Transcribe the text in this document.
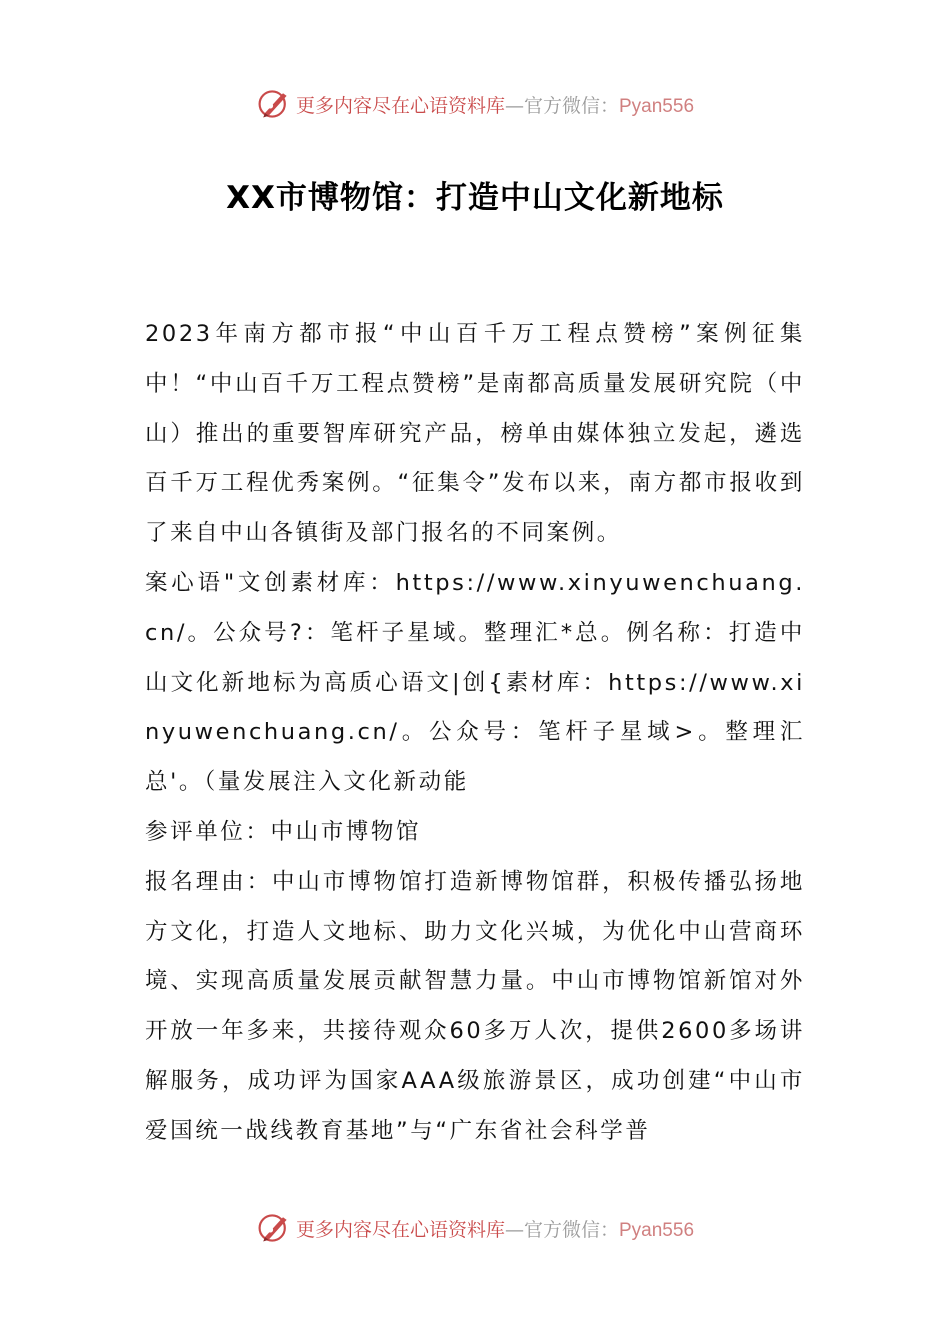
更多内容尽在心语资料库—官方微信：Pyan556
XX市博物馆：打造中山文化新地标

2023年南方都市报“中山百千万工程点赞榜”案例征集中！“中山百千万工程点赞榜”是南都高质量发展研究院（中山）推出的重要智库研究产品，榜单由媒体独立发起，遴选百千万工程优秀案例。“征集令”发布以来，南方都市报收到了来自中山各镇街及部门报名的不同案例。

案心语"文创素材库：https://www.xinyuwenchuang.cn/。公众号?：笔杆子星域。整理汇*总。例名称：打造中山文化新地标为高质心语文|创{素材库：https://www.xinyuwenchuang.cn/。公众号：笔杆子星域>。整理汇总'。（量发展注入文化新动能

参评单位：中山市博物馆

报名理由：中山市博物馆打造新博物馆群，积极传播弘扬地方文化，打造人文地标、助力文化兴城，为优化中山营商环境、实现高质量发展贡献智慧力量。中山市博物馆新馆对外开放一年多来，共接待观众60多万人次，提供2600多场讲解服务，成功评为国家AAA级旅游景区，成功创建“中山市爱国统一战线教育基地”与“广东省社会科学普

更多内容尽在心语资料库—官方微信：Pyan556
